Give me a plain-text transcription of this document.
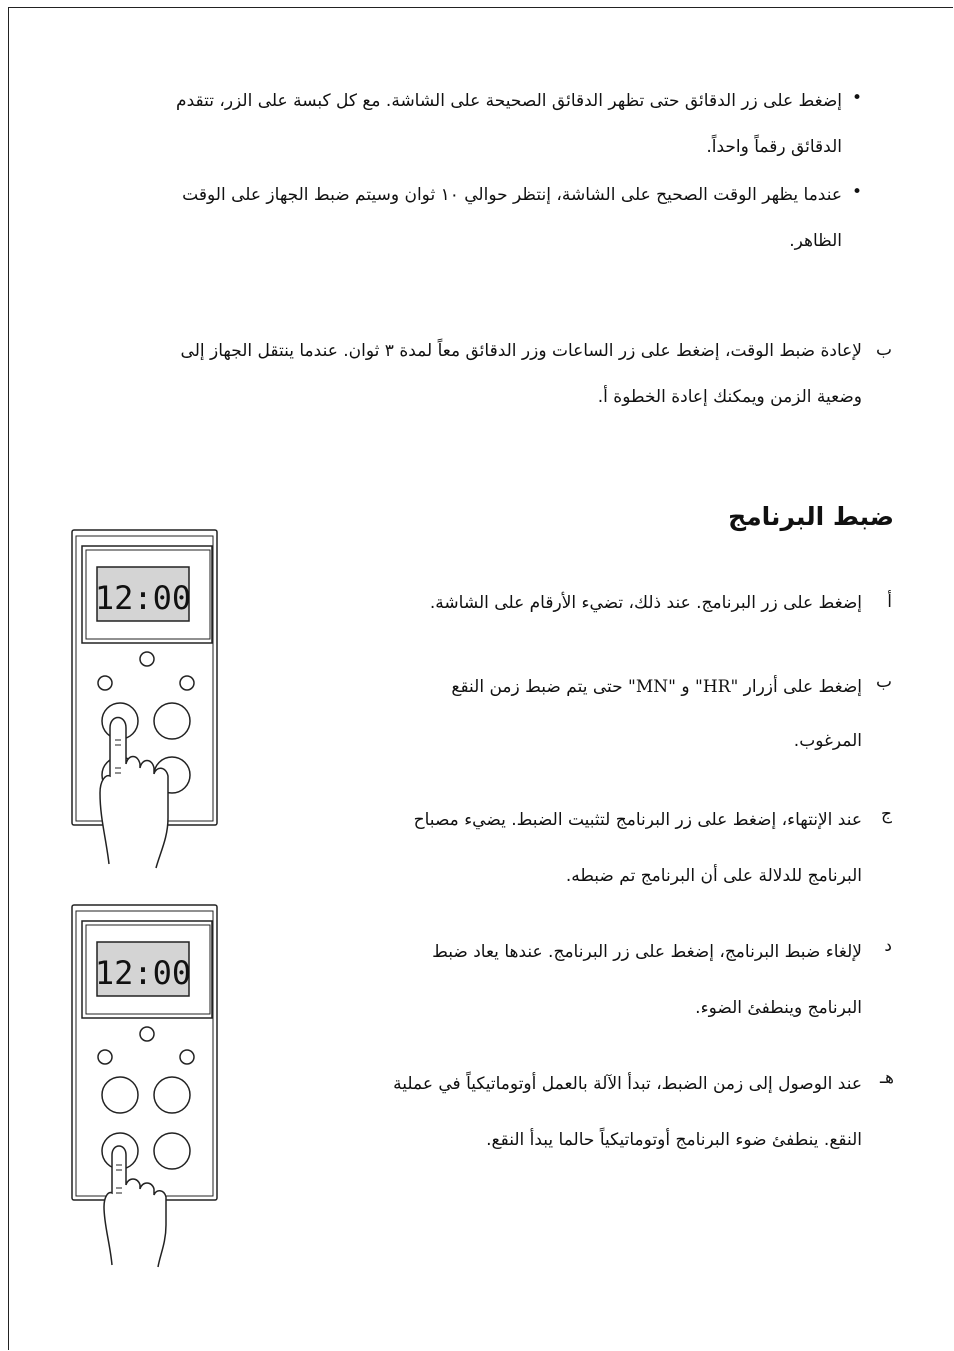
•
إضغط على زر الدقائق حتى تظهر الدقائق الصحيحة على الشاشة. مع كل كبسة على الزر، تتقدم
الدقائق رقماً واحداً.
•
عندما يظهر الوقت الصحيح على الشاشة، إنتظر حوالي ١٠ ثوان وسيتم ضبط الجهاز على الوقت
الظاهر.
ب
لإعادة ضبط الوقت، إضغط على زر الساعات وزر الدقائق معاً لمدة ٣ ثوان. عندما ينتقل الجهاز إلى
وضعية الزمن ويمكنك إعادة الخطوة أ.
ضبط البرنامج
أ
إضغط على زر البرنامج. عند ذلك، تضيء الأرقام على الشاشة.
ب
إضغط على أزرار "HR" و "MN" حتى يتم ضبط زمن النقع
المرغوب.
ج
عند الإنتهاء، إضغط على زر البرنامج لتثبيت الضبط. يضيء مصباح
البرنامج للدلالة على أن البرنامج تم ضبطه.
د
لإلغاء ضبط البرنامج، إضغط على زر البرنامج. عندها يعاد ضبط
البرنامج وينطفئ الضوء.
هـ
عند الوصول إلى زمن الضبط، تبدأ الآلة بالعمل أوتوماتيكياً في عملية
النقع. ينطفئ ضوء البرنامج أوتوماتيكياً حالما يبدأ النقع.
12:00
12:00
